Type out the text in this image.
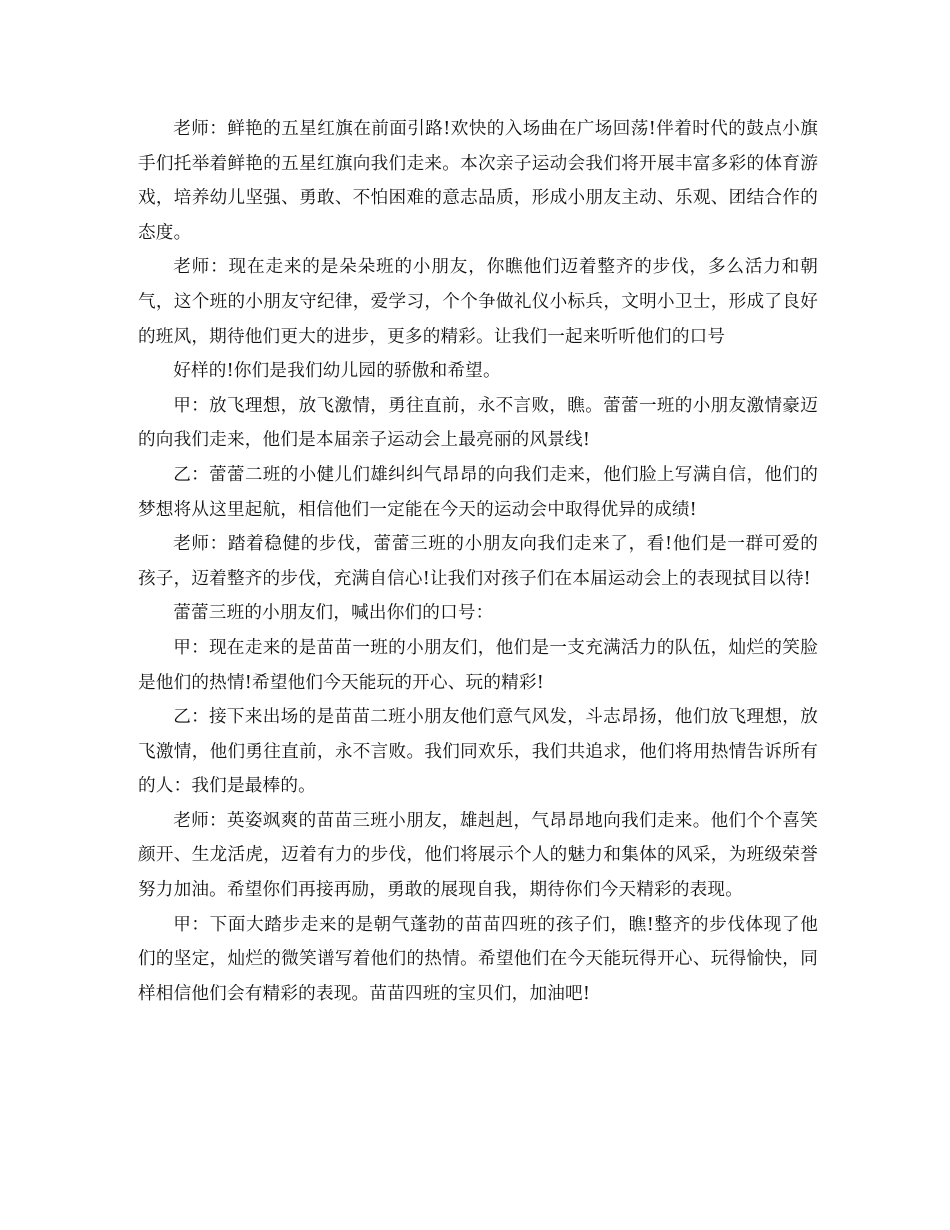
老师：鲜艳的五星红旗在前面引路!欢快的入场曲在广场回荡!伴着时代的鼓点小旗手们托举着鲜艳的五星红旗向我们走来。本次亲子运动会我们将开展丰富多彩的体育游戏，培养幼儿坚强、勇敢、不怕困难的意志品质，形成小朋友主动、乐观、团结合作的态度。

老师：现在走来的是朵朵班的小朋友，你瞧他们迈着整齐的步伐，多么活力和朝气，这个班的小朋友守纪律，爱学习，个个争做礼仪小标兵，文明小卫士，形成了良好的班风，期待他们更大的进步，更多的精彩。让我们一起来听听他们的口号

好样的!你们是我们幼儿园的骄傲和希望。

甲：放飞理想，放飞激情，勇往直前，永不言败，瞧。蕾蕾一班的小朋友激情豪迈的向我们走来，他们是本届亲子运动会上最亮丽的风景线!

乙：蕾蕾二班的小健儿们雄纠纠气昂昂的向我们走来，他们脸上写满自信，他们的梦想将从这里起航，相信他们一定能在今天的运动会中取得优异的成绩!

老师：踏着稳健的步伐，蕾蕾三班的小朋友向我们走来了，看!他们是一群可爱的孩子，迈着整齐的步伐，充满自信心!让我们对孩子们在本届运动会上的表现拭目以待!

蕾蕾三班的小朋友们，喊出你们的口号：

甲：现在走来的是苗苗一班的小朋友们，他们是一支充满活力的队伍，灿烂的笑脸是他们的热情!希望他们今天能玩的开心、玩的精彩!

乙：接下来出场的是苗苗二班小朋友他们意气风发，斗志昂扬，他们放飞理想，放飞激情，他们勇往直前，永不言败。我们同欢乐，我们共追求，他们将用热情告诉所有的人：我们是最棒的。

老师：英姿飒爽的苗苗三班小朋友，雄赳赳，气昂昂地向我们走来。他们个个喜笑颜开、生龙活虎，迈着有力的步伐，他们将展示个人的魅力和集体的风采，为班级荣誉努力加油。希望你们再接再励，勇敢的展现自我，期待你们今天精彩的表现。

甲：下面大踏步走来的是朝气蓬勃的苗苗四班的孩子们，瞧!整齐的步伐体现了他们的坚定，灿烂的微笑谱写着他们的热情。希望他们在今天能玩得开心、玩得愉快，同样相信他们会有精彩的表现。苗苗四班的宝贝们，加油吧!
